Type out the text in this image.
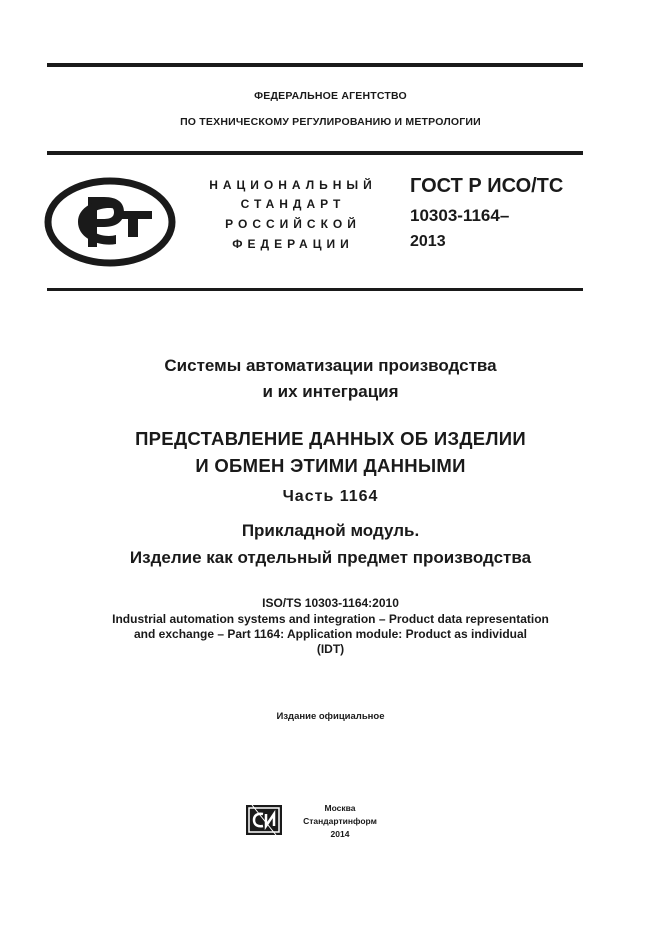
ФЕДЕРАЛЬНОЕ АГЕНТСТВО
ПО ТЕХНИЧЕСКОМУ РЕГУЛИРОВАНИЮ И МЕТРОЛОГИИ
НАЦИОНАЛЬНЫЙ
СТАНДАРТ
РОССИЙСКОЙ
ФЕДЕРАЦИИ
ГОСТ Р ИСО/ТС
10303-1164–
2013
Системы автоматизации производства
и их интеграция
ПРЕДСТАВЛЕНИЕ ДАННЫХ ОБ ИЗДЕЛИИ
И ОБМЕН ЭТИМИ ДАННЫМИ
Часть 1164
Прикладной модуль.
Изделие как отдельный предмет производства
ISO/TS 10303-1164:2010
Industrial automation systems and integration – Product data representation
and exchange – Part 1164: Application module: Product as individual
(IDT)
Издание официальное
Москва
Стандартинформ
2014
